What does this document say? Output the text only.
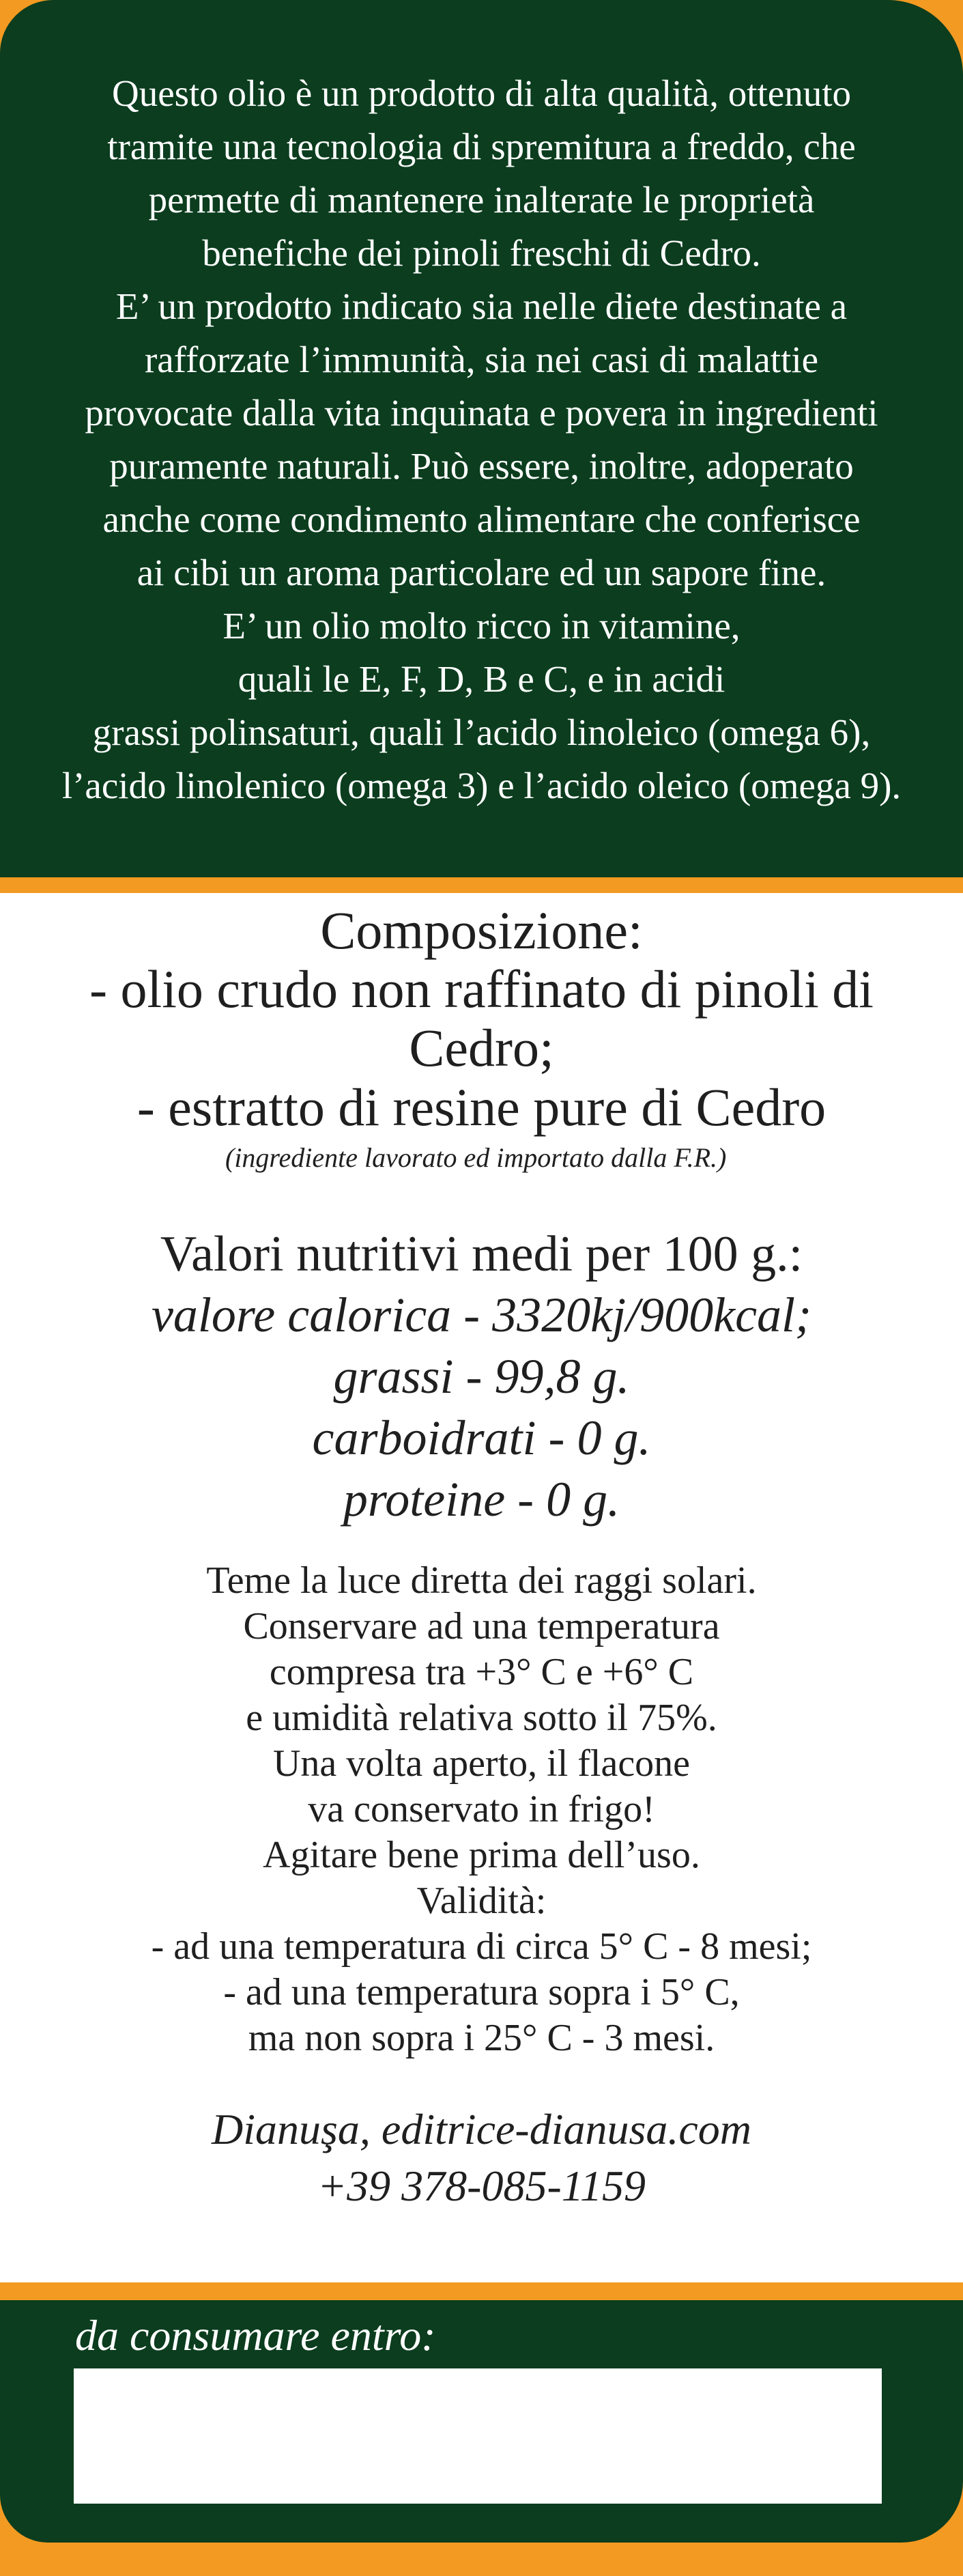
Questo olio è un prodotto di alta qualità, ottenuto
tramite una tecnologia di spremitura a freddo, che
permette di mantenere inalterate le proprietà
benefiche dei pinoli freschi di Cedro.
E’ un prodotto indicato sia nelle diete destinate a
rafforzate l’immunità, sia nei casi di malattie
provocate dalla vita inquinata e povera in ingredienti
puramente naturali. Può essere, inoltre, adoperato
anche come condimento alimentare che conferisce
ai cibi un aroma particolare ed un sapore fine.
E’ un olio molto ricco in vitamine,
quali le E, F, D, B e C, e in acidi
grassi polinsaturi, quali l’acido linoleico (omega 6),
l’acido linolenico (omega 3) e l’acido oleico (omega 9).
Composizione:
- olio crudo non raffinato di pinoli di
Cedro;
- estratto di resine pure di Cedro
(ingrediente lavorato ed importato dalla F.R.)
Valori nutritivi medi per 100 g.:
valore calorica - 3320kj/900kcal;
grassi - 99,8 g.
carboidrati - 0 g.
proteine - 0 g.
Teme la luce diretta dei raggi solari.
Conservare ad una temperatura
compresa tra +3° C e +6° C
e umidità relativa sotto il 75%.
Una volta aperto, il flacone
va conservato in frigo!
Agitare bene prima dell’uso.
Validità:
- ad una temperatura di circa 5° C - 8 mesi;
- ad una temperatura sopra i 5° C,
ma non sopra i 25° C - 3 mesi.
Dianuşa, editrice-dianusa.com
+39 378-085-1159
da consumare entro:
